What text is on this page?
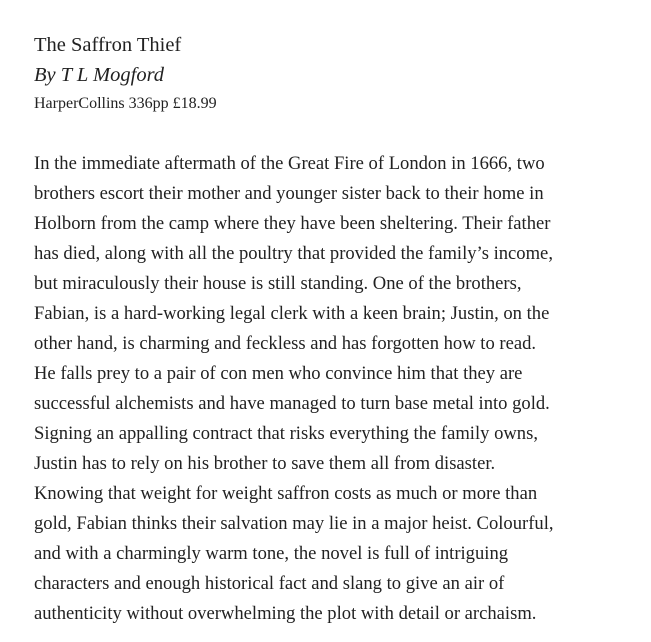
The Saffron Thief
By T L Mogford

HarperCollins 336pp £18.99

In the immediate aftermath of the Great Fire of London in 1666, two
brothers escort their mother and younger sister back to their home in
Holborn from the camp where they have been sheltering. Their father
has died, along with all the poultry that provided the family’s income,
but miraculously their house is still standing. One of the brothers,
Fabian, is a hard-working legal clerk with a keen brain; Justin, on the
other hand, is charming and feckless and has forgotten how to read.
He falls prey to a pair of con men who convince him that they are
successful alchemists and have managed to turn base metal into gold.
Signing an appalling contract that risks everything the family owns,
Justin has to rely on his brother to save them all from disaster.
Knowing that weight for weight saffron costs as much or more than
gold, Fabian thinks their salvation may lie in a major heist. Colourful,
and with a charmingly warm tone, the novel is full of intriguing
characters and enough historical fact and slang to give an air of
authenticity without overwhelming the plot with detail or archaism.
